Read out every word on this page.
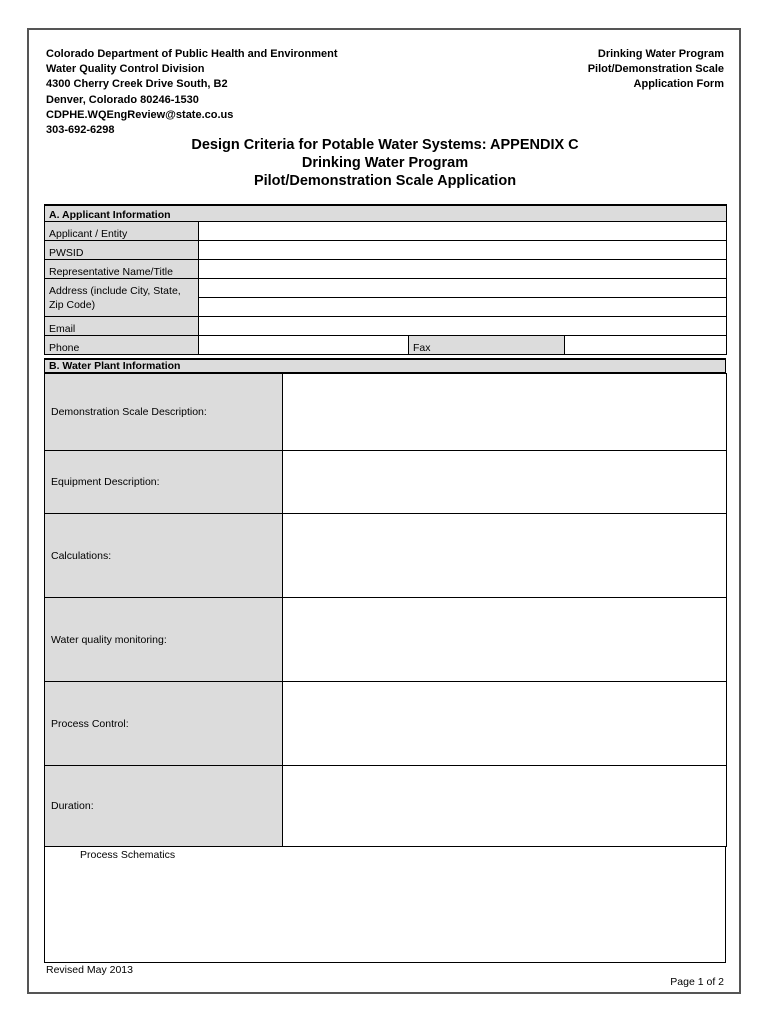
Colorado Department of Public Health and Environment
Water Quality Control Division
4300 Cherry Creek Drive South, B2
Denver, Colorado 80246-1530
CDPHE.WQEngReview@state.co.us
303-692-6298
Drinking Water Program
Pilot/Demonstration Scale
Application Form
Design Criteria for Potable Water Systems: APPENDIX C
Drinking Water Program
Pilot/Demonstration Scale Application
A. Applicant Information			
Applicant / Entity			
PWSID			
Representative Name/Title			
Address (include City, State, Zip Code)			

Email			
Phone		Fax	
B. Water Plant Information
Demonstration Scale Description:	
Equipment Description:	
Calculations:	
Water quality monitoring:	
Process Control:	
Duration:	
Process Schematics
Revised May 2013
Page 1 of 2
